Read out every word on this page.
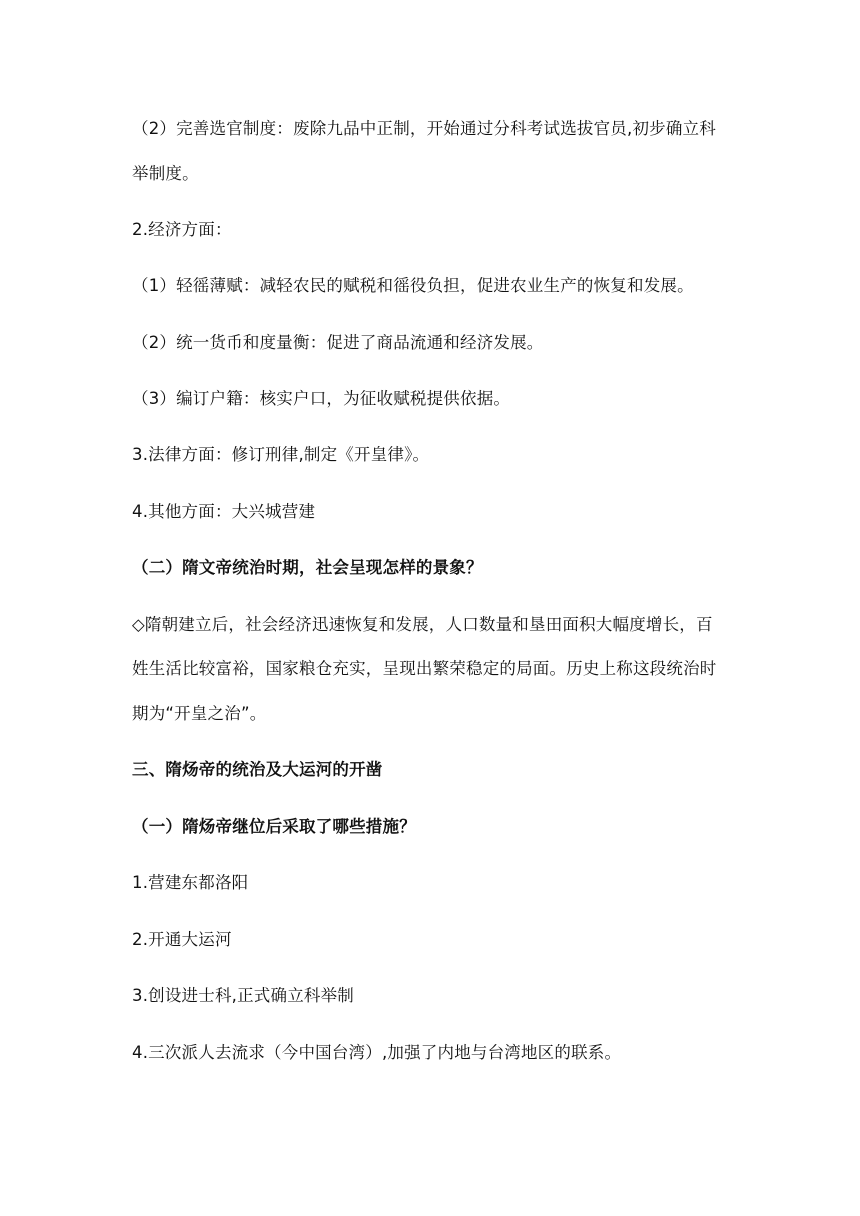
（2）完善选官制度：废除九品中正制，开始通过分科考试选拔官员,初步确立科
举制度。
2.经济方面：
（1）轻徭薄赋：减轻农民的赋税和徭役负担，促进农业生产的恢复和发展。
（2）统一货币和度量衡：促进了商品流通和经济发展。
（3）编订户籍：核实户口，为征收赋税提供依据。
3.法律方面：修订刑律,制定《开皇律》。
4.其他方面：大兴城营建
（二）隋文帝统治时期，社会呈现怎样的景象？
◇隋朝建立后，社会经济迅速恢复和发展，人口数量和垦田面积大幅度增长，百
姓生活比较富裕，国家粮仓充实，呈现出繁荣稳定的局面。历史上称这段统治时
期为“开皇之治”。
三、隋炀帝的统治及大运河的开凿
（一）隋炀帝继位后采取了哪些措施？
1.营建东都洛阳
2.开通大运河
3.创设进士科,正式确立科举制
4.三次派人去流求（今中国台湾）,加强了内地与台湾地区的联系。
